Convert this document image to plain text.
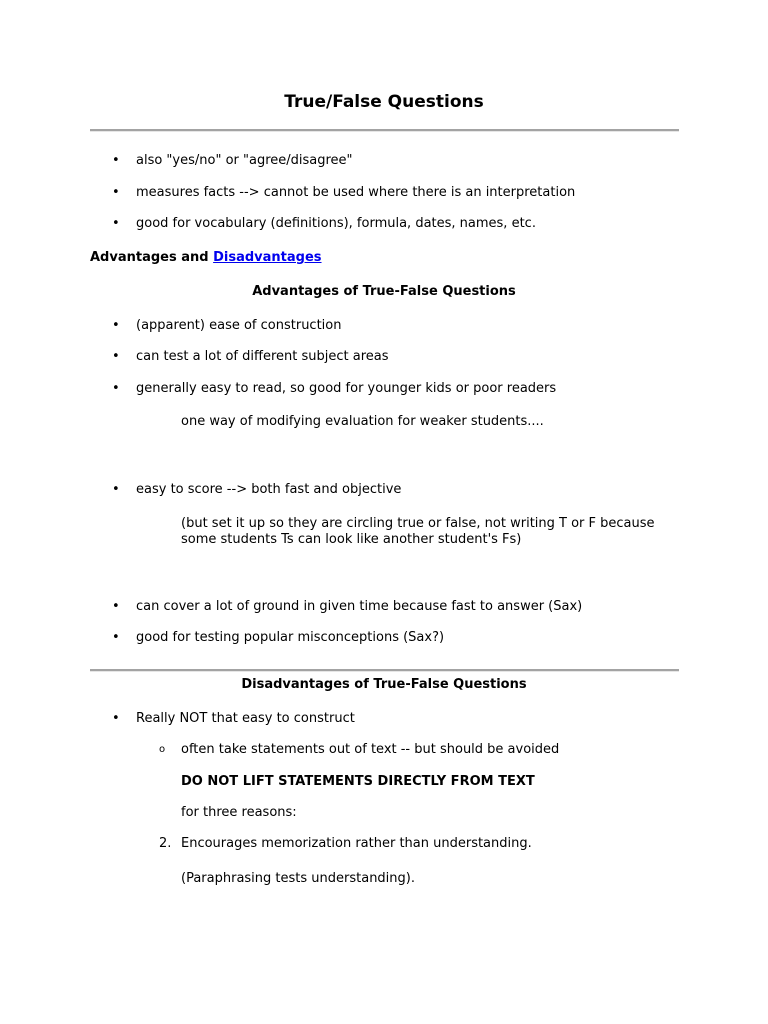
True/False Questions
• also "yes/no" or "agree/disagree"
• measures facts --> cannot be used where there is an interpretation
• good for vocabulary (definitions), formula, dates, names, etc.
Advantages and Disadvantages
Advantages of True-False Questions
• (apparent) ease of construction
• can test a lot of different subject areas
• generally easy to read, so good for younger kids or poor readers
one way of modifying evaluation for weaker students....
• easy to score --> both fast and objective
(but set it up so they are circling true or false, not writing T or F because
some students Ts can look like another student's Fs)
• can cover a lot of ground in given time because fast to answer (Sax)
• good for testing popular misconceptions (Sax?)
Disadvantages of True-False Questions
• Really NOT that easy to construct
o often take statements out of text -- but should be avoided
DO NOT LIFT STATEMENTS DIRECTLY FROM TEXT
for three reasons:
2. Encourages memorization rather than understanding.
(Paraphrasing tests understanding).
